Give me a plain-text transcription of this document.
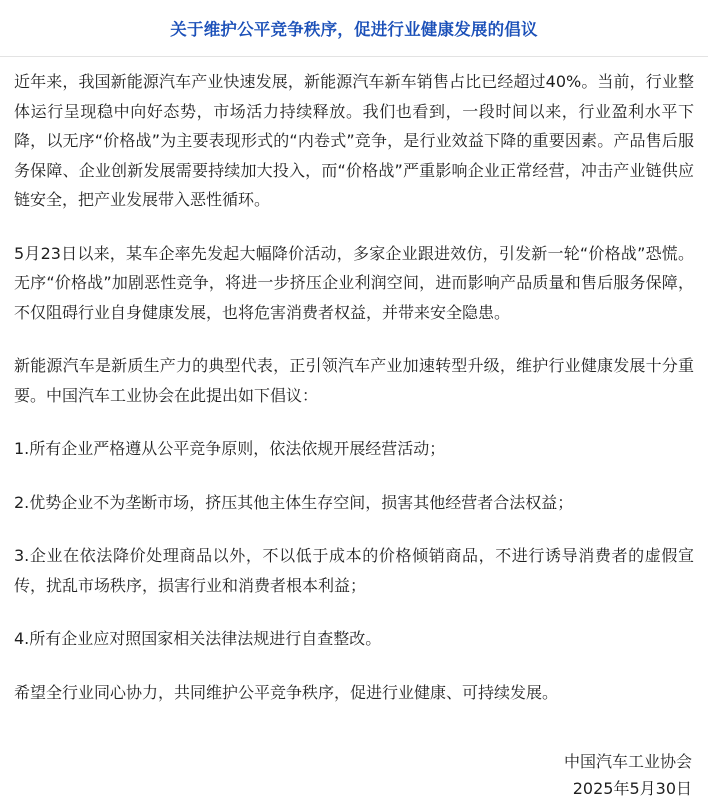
关于维护公平竞争秩序，促进行业健康发展的倡议

近年来，我国新能源汽车产业快速发展，新能源汽车新车销售占比已经超过40%。当前，行业整体运行呈现稳中向好态势，市场活力持续释放。我们也看到，一段时间以来，行业盈利水平下降，以无序“价格战”为主要表现形式的“内卷式”竞争，是行业效益下降的重要因素。产品售后服务保障、企业创新发展需要持续加大投入，而“价格战”严重影响企业正常经营，冲击产业链供应链安全，把产业发展带入恶性循环。

5月23日以来，某车企率先发起大幅降价活动，多家企业跟进效仿，引发新一轮“价格战”恐慌。无序“价格战”加剧恶性竞争，将进一步挤压企业利润空间，进而影响产品质量和售后服务保障，不仅阻碍行业自身健康发展，也将危害消费者权益，并带来安全隐患。

新能源汽车是新质生产力的典型代表，正引领汽车产业加速转型升级，维护行业健康发展十分重要。中国汽车工业协会在此提出如下倡议：

1.所有企业严格遵从公平竞争原则，依法依规开展经营活动；

2.优势企业不为垄断市场，挤压其他主体生存空间，损害其他经营者合法权益；

3.企业在依法降价处理商品以外，不以低于成本的价格倾销商品，不进行诱导消费者的虚假宣传，扰乱市场秩序，损害行业和消费者根本利益；

4.所有企业应对照国家相关法律法规进行自查整改。

希望全行业同心协力，共同维护公平竞争秩序，促进行业健康、可持续发展。

中国汽车工业协会
2025年5月30日
